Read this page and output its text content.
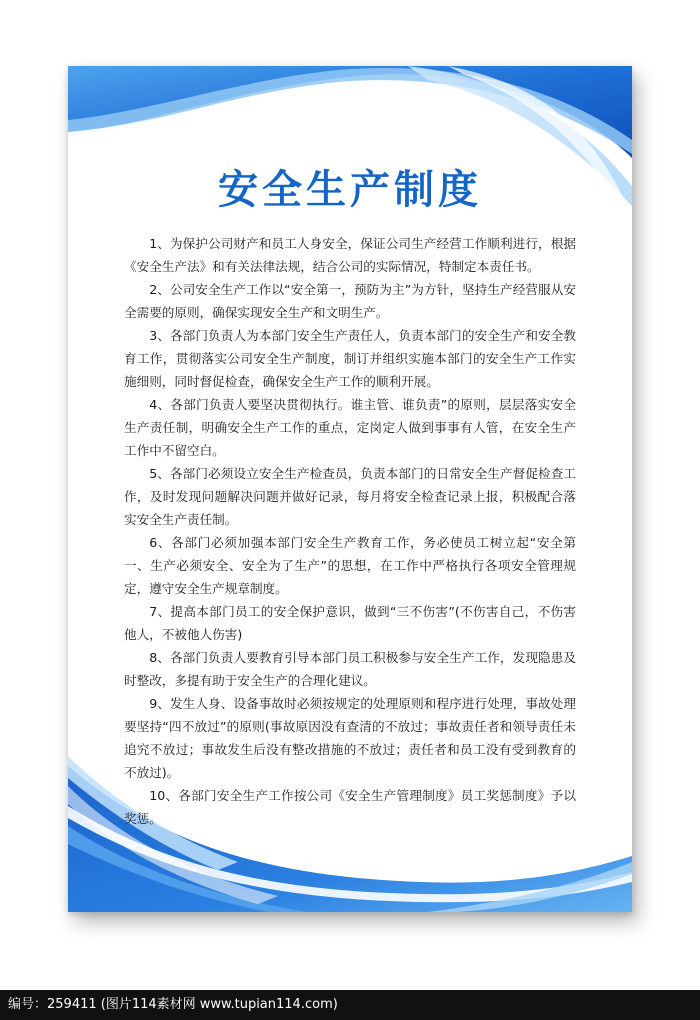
安全生产制度

1、为保护公司财产和员工人身安全，保证公司生产经营工作顺利进行，根据《安全生产法》和有关法律法规，结合公司的实际情况，特制定本责任书。

2、公司安全生产工作以“安全第一，预防为主”为方针，坚持生产经营服从安全需要的原则，确保实现安全生产和文明生产。

3、各部门负责人为本部门安全生产责任人，负责本部门的安全生产和安全教育工作，贯彻落实公司安全生产制度，制订并组织实施本部门的安全生产工作实施细则，同时督促检查，确保安全生产工作的顺利开展。

4、各部门负责人要坚决贯彻执行。谁主管、谁负责”的原则，层层落实安全生产责任制，明确安全生产工作的重点，定岗定人做到事事有人管，在安全生产工作中不留空白。

5、各部门必须设立安全生产检查员，负责本部门的日常安全生产督促检查工作，及时发现问题解决问题并做好记录，每月将安全检查记录上报，积极配合落实安全生产责任制。

6、各部门必须加强本部门安全生产教育工作，务必使员工树立起“安全第一、生产必须安全、安全为了生产”的思想，在工作中严格执行各项安全管理规定，遵守安全生产规章制度。

7、提高本部门员工的安全保护意识，做到“三不伤害”(不伤害自己，不伤害他人，不被他人伤害)

8、各部门负责人要教育引导本部门员工积极参与安全生产工作，发现隐患及时整改，多提有助于安全生产的合理化建议。

9、发生人身、设备事故时必须按规定的处理原则和程序进行处理，事故处理要坚持“四不放过”的原则(事故原因没有查清的不放过；事故责任者和领导责任未追究不放过；事故发生后没有整改措施的不放过；责任者和员工没有受到教育的不放过)。

10、各部门安全生产工作按公司《安全生产管理制度》员工奖惩制度》予以奖惩。

编号：259411 (图片114素材网 www.tupian114.com)
